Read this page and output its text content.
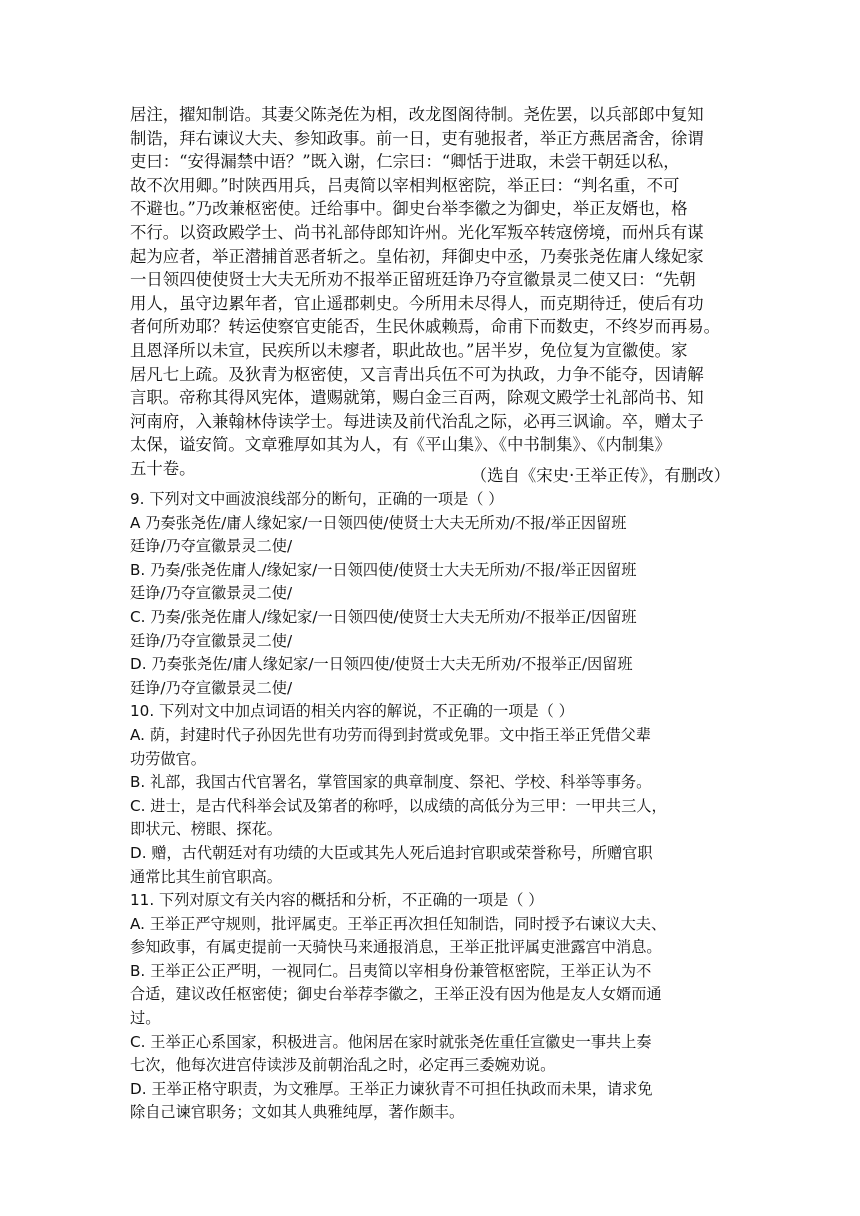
居注，擢知制诰。其妻父陈尧佐为相，改龙图阁待制。尧佐罢，以兵部郎中复知
制诰，拜右谏议大夫、参知政事。前一日，吏有驰报者，举正方燕居斋舍，徐谓
吏曰：“安得漏禁中语？”既入谢，仁宗曰：“卿恬于进取，未尝干朝廷以私，
故不次用卿。”时陕西用兵，吕夷简以宰相判枢密院，举正曰：“判名重，不可
不避也。”乃改兼枢密使。迁给事中。御史台举李徽之为御史，举正友婿也，格
不行。以资政殿学士、尚书礼部侍郎知许州。光化军叛卒转寇傍境，而州兵有谋
起为应者，举正潜捕首恶者斩之。皇佑初，拜御史中丞，乃奏张尧佐庸人缘妃家
一日领四使使贤士大夫无所劝不报举正留班廷诤乃夺宣徽景灵二使又曰：“先朝
用人，虽守边累年者，官止遥郡刺史。今所用未尽得人，而克期待迁，使后有功
者何所劝耶？转运使察官吏能否，生民休戚赖焉，命甫下而数吏，不终岁而再易。
且恩泽所以未宣，民疾所以未瘳者，职此故也。”居半岁，免位复为宣徽使。家
居凡七上疏。及狄青为枢密使，又言青出兵伍不可为执政，力争不能夺，因请解
言职。帝称其得风宪体，遣赐就第，赐白金三百两，除观文殿学士礼部尚书、知
河南府，入兼翰林侍读学士。每进读及前代治乱之际，必再三讽谕。卒，赠太子
太保，谥安简。文章雅厚如其为人，有《平山集》、《中书制集》、《内制集》
五十卷。	（选自《宋史·王举正传》，有删改）
9. 下列对文中画波浪线部分的断句，正确的一项是（ ）
A 乃奏张尧佐/庸人缘妃家/一日领四使/使贤士大夫无所劝/不报/举正因留班
廷诤/乃夺宣徽景灵二使/
B. 乃奏/张尧佐庸人/缘妃家/一日领四使/使贤士大夫无所劝/不报/举正因留班
廷诤/乃夺宣徽景灵二使/
C. 乃奏/张尧佐庸人/缘妃家/一日领四使/使贤士大夫无所劝/不报举正/因留班
廷诤/乃夺宣徽景灵二使/
D. 乃奏张尧佐/庸人缘妃家/一日领四使/使贤士大夫无所劝/不报举正/因留班
廷诤/乃夺宣徽景灵二使/
10. 下列对文中加点词语的相关内容的解说，不正确的一项是（ ）
A. 荫，封建时代子孙因先世有功劳而得到封赏或免罪。文中指王举正凭借父辈
功劳做官。
B. 礼部，我国古代官署名，掌管国家的典章制度、祭祀、学校、科举等事务。
C. 进士，是古代科举会试及第者的称呼，以成绩的高低分为三甲：一甲共三人，
即状元、榜眼、探花。
D. 赠，古代朝廷对有功绩的大臣或其先人死后追封官职或荣誉称号，所赠官职
通常比其生前官职高。
11. 下列对原文有关内容的概括和分析，不正确的一项是（ ）
A. 王举正严守规则，批评属吏。王举正再次担任知制诰，同时授予右谏议大夫、
参知政事，有属吏提前一天骑快马来通报消息，王举正批评属吏泄露宫中消息。
B. 王举正公正严明，一视同仁。吕夷简以宰相身份兼管枢密院，王举正认为不
合适，建议改任枢密使；御史台举荐李徽之，王举正没有因为他是友人女婿而通
过。
C. 王举正心系国家，积极进言。他闲居在家时就张尧佐重任宣徽史一事共上奏
七次，他每次进宫侍读涉及前朝治乱之时，必定再三委婉劝说。
D. 王举正格守职责，为文雅厚。王举正力谏狄青不可担任执政而未果，请求免
除自己谏官职务；文如其人典雅纯厚，著作颇丰。
